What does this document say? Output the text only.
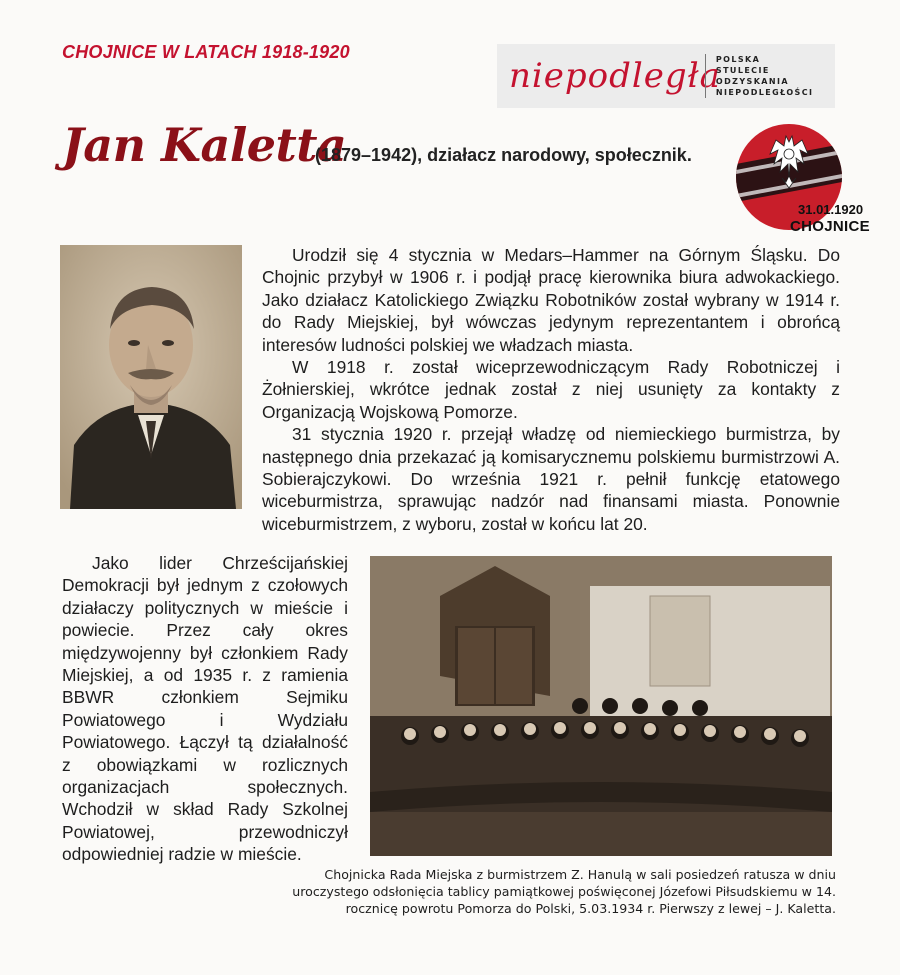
CHOJNICE W LATACH 1918-1920
niepodległa
POLSKA
STULECIE ODZYSKANIA
NIEPODLEGŁOŚCI
Jan Kaletta
(1879–1942), działacz narodowy, społecznik.
31.01.1920
CHOJNICE

Urodził się 4 stycznia w Medars–Hammer na Górnym Śląsku. Do Chojnic przybył w 1906 r. i podjął pracę kierownika biura adwokackiego. Jako działacz Katolickiego Związku Robotników został wybrany w 1914 r. do Rady Miejskiej, był wówczas jedynym reprezentantem i obrońcą interesów ludności polskiej we władzach miasta.

W 1918 r. został wiceprzewodniczącym Rady Robotniczej i Żołnierskiej, wkrótce jednak został z niej usunięty za kontakty z Organizacją Wojskową Pomorze.

31 stycznia 1920 r. przejął władzę od niemieckiego burmistrza, by następnego dnia przekazać ją komisarycznemu polskiemu burmistrzowi A. Sobierajczykowi. Do września 1921 r. pełnił funkcję etatowego wiceburmistrza, sprawując nadzór nad finansami miasta. Ponownie wiceburmistrzem, z wyboru, został w końcu lat 20.

Jako lider Chrześcijańskiej Demokracji był jednym z czołowych działaczy politycznych w mieście i powiecie. Przez cały okres międzywojenny był członkiem Rady Miejskiej, a od 1935 r. z ramienia BBWR członkiem Sejmiku Powiatowego i Wydziału Powiatowego. Łączył tą działalność z obowiązkami w rozlicznych organizacjach społecznych. Wchodził w skład Rady Szkolnej Powiatowej, przewodniczył odpowiedniej radzie w mieście.

Chojnicka Rada Miejska z burmistrzem Z. Hanulą w sali posiedzeń ratusza w dniu uroczystego odsłonięcia tablicy pamiątkowej poświęconej Józefowi Piłsudskiemu w 14. rocznicę powrotu Pomorza do Polski, 5.03.1934 r. Pierwszy z lewej – J. Kaletta.
